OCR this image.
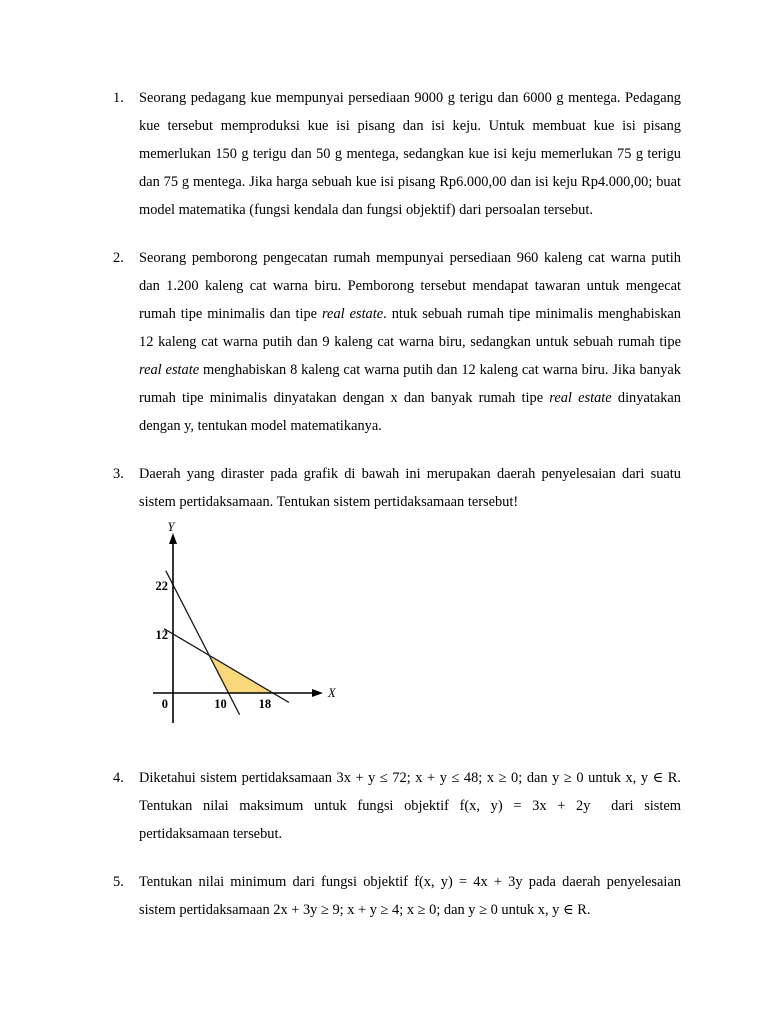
1.	Seorang pedagang kue mempunyai persediaan 9000 g terigu dan 6000 g mentega. Pedagang kue tersebut memproduksi kue isi pisang dan isi keju. Untuk membuat kue isi pisang memerlukan 150 g terigu dan 50 g mentega, sedangkan kue isi keju memerlukan 75 g terigu dan 75 g mentega. Jika harga sebuah kue isi pisang Rp6.000,00 dan isi keju Rp4.000,00; buat model matematika (fungsi kendala dan fungsi objektif) dari persoalan tersebut.
2.	Seorang pemborong pengecatan rumah mempunyai persediaan 960 kaleng cat warna putih dan 1.200 kaleng cat warna biru. Pemborong tersebut mendapat tawaran untuk mengecat rumah tipe minimalis dan tipe real estate. ntuk sebuah rumah tipe minimalis menghabiskan 12 kaleng cat warna putih dan 9 kaleng cat warna biru, sedangkan untuk sebuah rumah tipe real estate menghabiskan 8 kaleng cat warna putih dan 12 kaleng cat warna biru. Jika banyak rumah tipe minimalis dinyatakan dengan x dan banyak rumah tipe real estate dinyatakan dengan y, tentukan model matematikanya.
3.	Daerah yang diraster pada grafik di bawah ini merupakan daerah penyelesaian dari suatu sistem pertidaksamaan. Tentukan sistem pertidaksamaan tersebut!
4.	Diketahui sistem pertidaksamaan 3x + y ≤ 72; x + y ≤ 48; x ≥ 0; dan y ≥ 0 untuk x, y ∈ R. Tentukan nilai maksimum untuk fungsi objektif f(x, y) = 3x + 2y dari sistem pertidaksamaan tersebut.
5.	Tentukan nilai minimum dari fungsi objektif f(x, y) = 4x + 3y pada daerah penyelesaian sistem pertidaksamaan 2x + 3y ≥ 9; x + y ≥ 4; x ≥ 0; dan y ≥ 0 untuk x, y ∈ R.
Y
X
22
12
0	10	18
